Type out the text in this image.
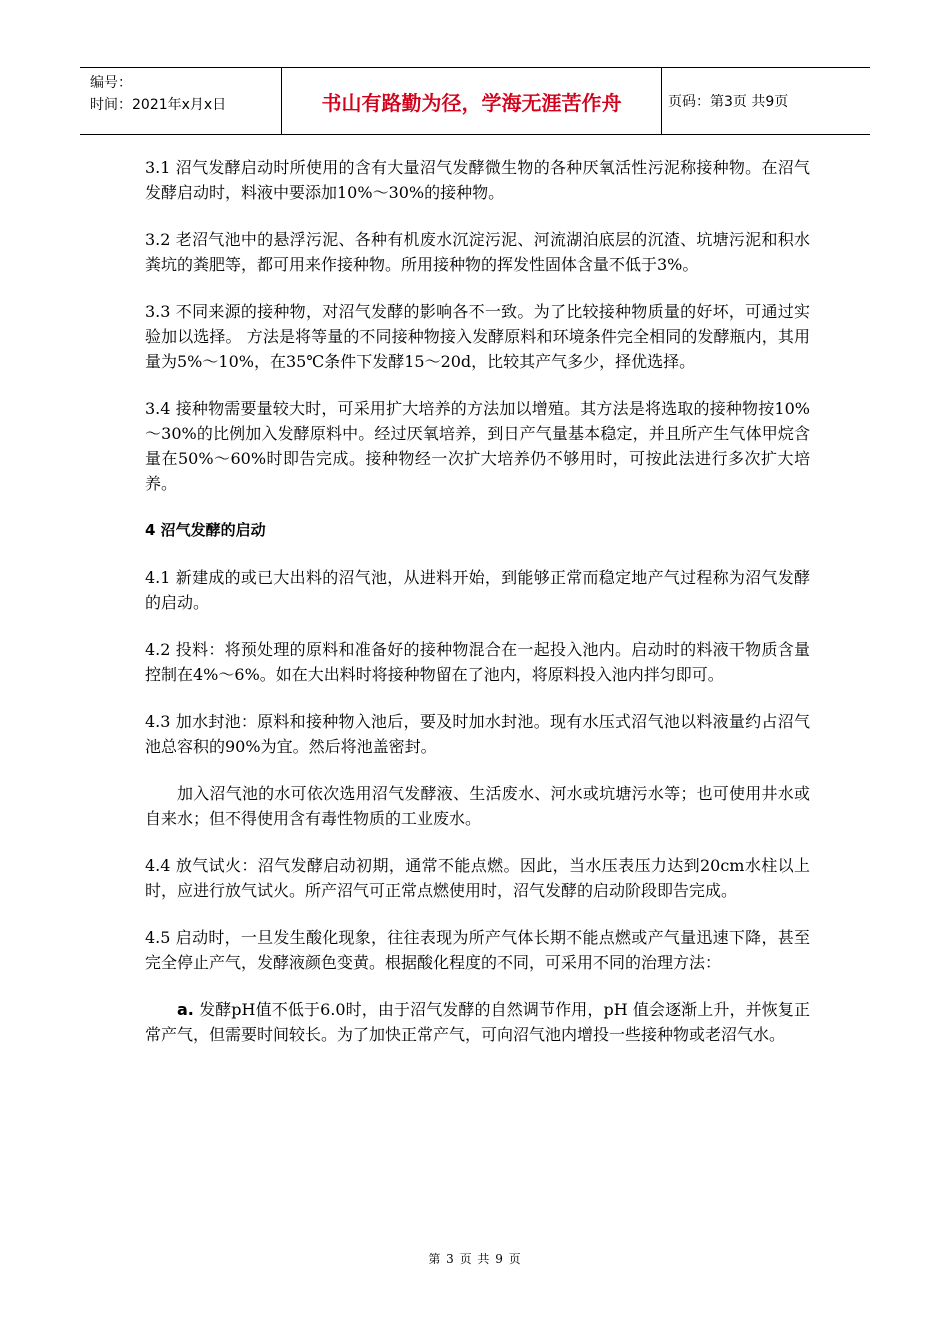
编号：
时间：2021年x月x日	书山有路勤为径，学海无涯苦作舟	页码：第3页 共9页

3.1 沼气发酵启动时所使用的含有大量沼气发酵微生物的各种厌氧活性污泥称接种物。在沼气发酵启动时，料液中要添加10%～30%的接种物。

3.2 老沼气池中的悬浮污泥、各种有机废水沉淀污泥、河流湖泊底层的沉渣、坑塘污泥和积水粪坑的粪肥等，都可用来作接种物。所用接种物的挥发性固体含量不低于3%。

3.3 不同来源的接种物，对沼气发酵的影响各不一致。为了比较接种物质量的好坏，可通过实验加以选择。 方法是将等量的不同接种物接入发酵原料和环境条件完全相同的发酵瓶内，其用量为5%～10%，在35℃条件下发酵15～20d，比较其产气多少，择优选择。

3.4 接种物需要量较大时，可采用扩大培养的方法加以增殖。其方法是将选取的接种物按10%～30%的比例加入发酵原料中。经过厌氧培养，到日产气量基本稳定，并且所产生气体甲烷含量在50%～60%时即告完成。接种物经一次扩大培养仍不够用时，可按此法进行多次扩大培养。

4 沼气发酵的启动

4.1 新建成的或已大出料的沼气池，从进料开始，到能够正常而稳定地产气过程称为沼气发酵的启动。

4.2 投料：将预处理的原料和准备好的接种物混合在一起投入池内。启动时的料液干物质含量控制在4%～6%。如在大出料时将接种物留在了池内，将原料投入池内拌匀即可。

4.3 加水封池：原料和接种物入池后，要及时加水封池。现有水压式沼气池以料液量约占沼气池总容积的90%为宜。然后将池盖密封。

加入沼气池的水可依次选用沼气发酵液、生活废水、河水或坑塘污水等；也可使用井水或自来水；但不得使用含有毒性物质的工业废水。

4.4 放气试火：沼气发酵启动初期，通常不能点燃。因此，当水压表压力达到20cm水柱以上时，应进行放气试火。所产沼气可正常点燃使用时，沼气发酵的启动阶段即告完成。

4.5 启动时，一旦发生酸化现象，往往表现为所产气体长期不能点燃或产气量迅速下降，甚至完全停止产气，发酵液颜色变黄。根据酸化程度的不同，可采用不同的治理方法：

a. 发酵pH值不低于6.0时，由于沼气发酵的自然调节作用，pH 值会逐渐上升，并恢复正常产气，但需要时间较长。为了加快正常产气，可向沼气池内增投一些接种物或老沼气水。

第 3 页 共 9 页
